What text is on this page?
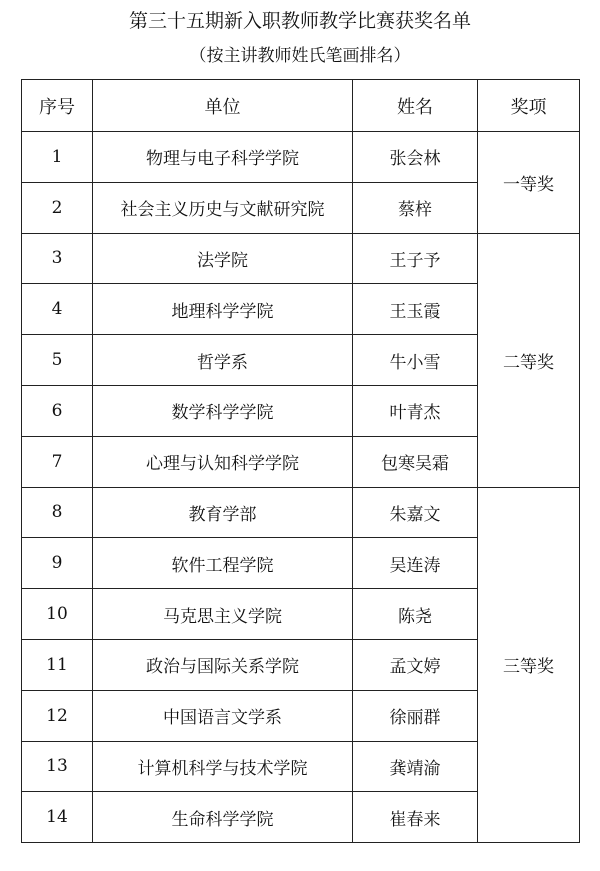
第三十五期新入职教师教学比赛获奖名单
（按主讲教师姓氏笔画排名）
序号	单位	姓名	奖项
1	物理与电子科学学院	张会林	一等奖
2	社会主义历史与文献研究院	蔡梓	
3	法学院	王子予	二等奖
4	地理科学学院	王玉霞	
5	哲学系	牛小雪	
6	数学科学学院	叶青杰	
7	心理与认知科学学院	包寒吴霜	
8	教育学部	朱嘉文	三等奖
9	软件工程学院	吴连涛	
10	马克思主义学院	陈尧	
11	政治与国际关系学院	孟文婷	
12	中国语言文学系	徐丽群	
13	计算机科学与技术学院	龚靖渝	
14	生命科学学院	崔春来	
